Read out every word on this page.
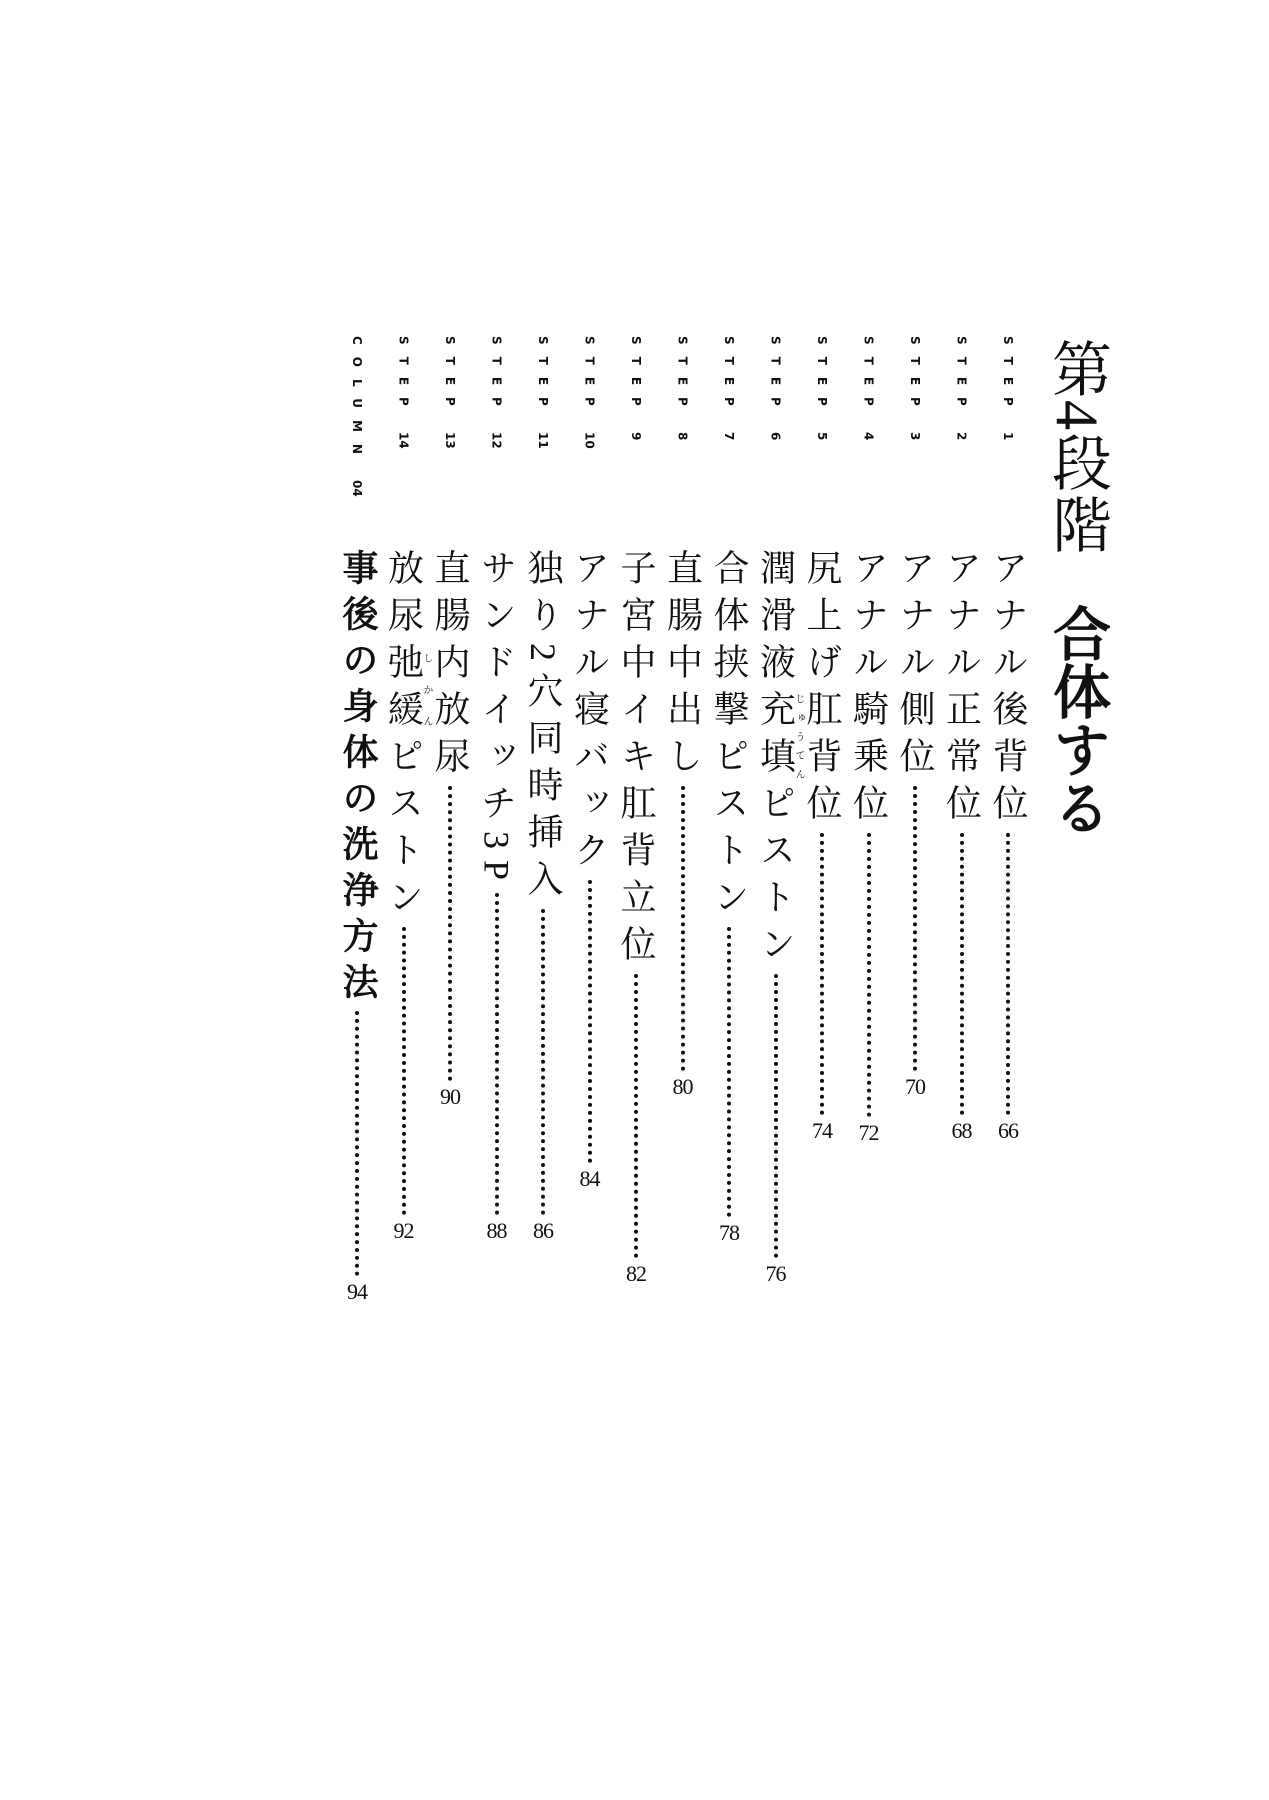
第4段階
合体する
STEP1
アナル後背位
66
STEP2
アナル正常位
68
STEP3
アナル側位
70
STEP4
アナル騎乗位
72
STEP5
尻上げ肛背位
74
STEP6
潤滑液充填じゅうてんピストン
76
STEP7
合体挟撃ピストン
78
STEP8
直腸中出し
80
STEP9
子宮中イキ肛背立位
82
STEP10
アナル寝バック
84
STEP11
独り2穴同時挿入
86
STEP12
サンドイッチ3P
88
STEP13
直腸内放尿
90
STEP14
放尿弛緩しかんピストン
92
COLUMN04
事後の身体の洗浄方法
94
